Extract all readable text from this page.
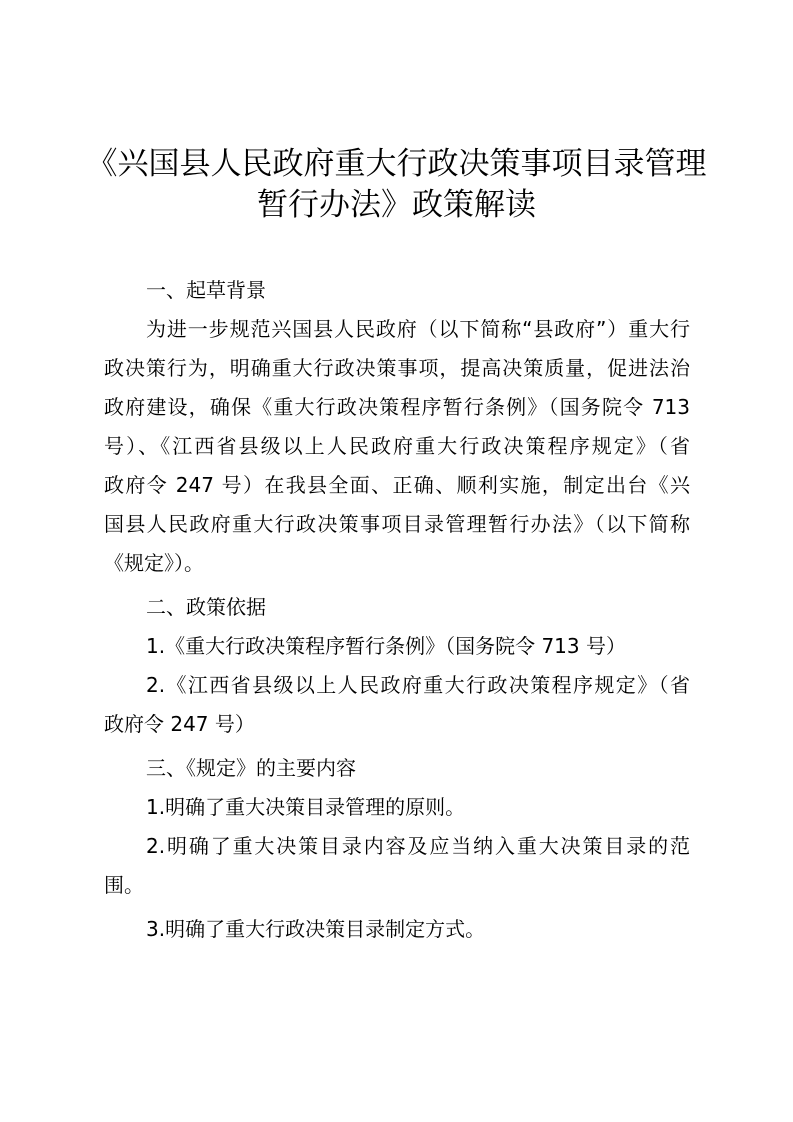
《兴国县人民政府重大行政决策事项目录管理
暂行办法》政策解读

一、起草背景

为进一步规范兴国县人民政府（以下简称“县政府”）重大行

政决策行为，明确重大行政决策事项，提高决策质量，促进法治

政府建设，确保《重大行政决策程序暂行条例》（国务院令 713

号）、《江西省县级以上人民政府重大行政决策程序规定》（省

政府令 247 号）在我县全面、正确、顺利实施，制定出台《兴

国县人民政府重大行政决策事项目录管理暂行办法》（以下简称

《规定》）。

二、政策依据

1.《重大行政决策程序暂行条例》（国务院令 713 号）

2.《江西省县级以上人民政府重大行政决策程序规定》（省

政府令 247 号）

三、《规定》的主要内容

1.明确了重大决策目录管理的原则。

2.明确了重大决策目录内容及应当纳入重大决策目录的范

围。

3.明确了重大行政决策目录制定方式。
